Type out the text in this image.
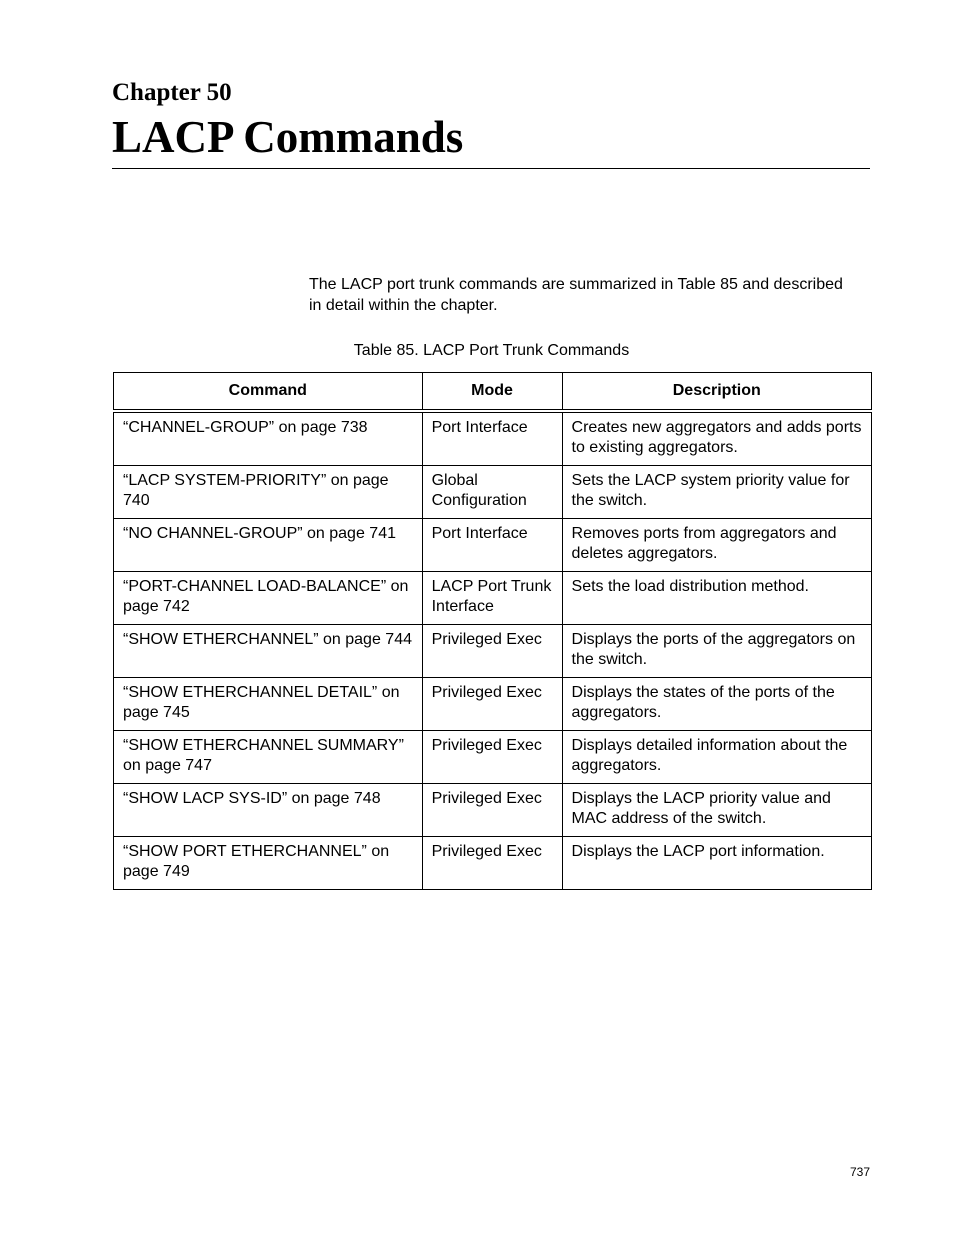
Chapter 50
LACP Commands

The LACP port trunk commands are summarized in Table 85 and described in detail within the chapter.

Table 85. LACP Port Trunk Commands
Command	Mode	Description
“CHANNEL-GROUP” on page 738	Port Interface	Creates new aggregators and adds ports to existing aggregators.
“LACP SYSTEM-PRIORITY” on page 740	Global Configuration	Sets the LACP system priority value for the switch.
“NO CHANNEL-GROUP” on page 741	Port Interface	Removes ports from aggregators and deletes aggregators.
“PORT-CHANNEL LOAD-BALANCE” on page 742	LACP Port Trunk Interface	Sets the load distribution method.
“SHOW ETHERCHANNEL” on page 744	Privileged Exec	Displays the ports of the aggregators on the switch.
“SHOW ETHERCHANNEL DETAIL” on page 745	Privileged Exec	Displays the states of the ports of the aggregators.
“SHOW ETHERCHANNEL SUMMARY” on page 747	Privileged Exec	Displays detailed information about the aggregators.
“SHOW LACP SYS-ID” on page 748	Privileged Exec	Displays the LACP priority value and MAC address of the switch.
“SHOW PORT ETHERCHANNEL” on page 749	Privileged Exec	Displays the LACP port information.
737
